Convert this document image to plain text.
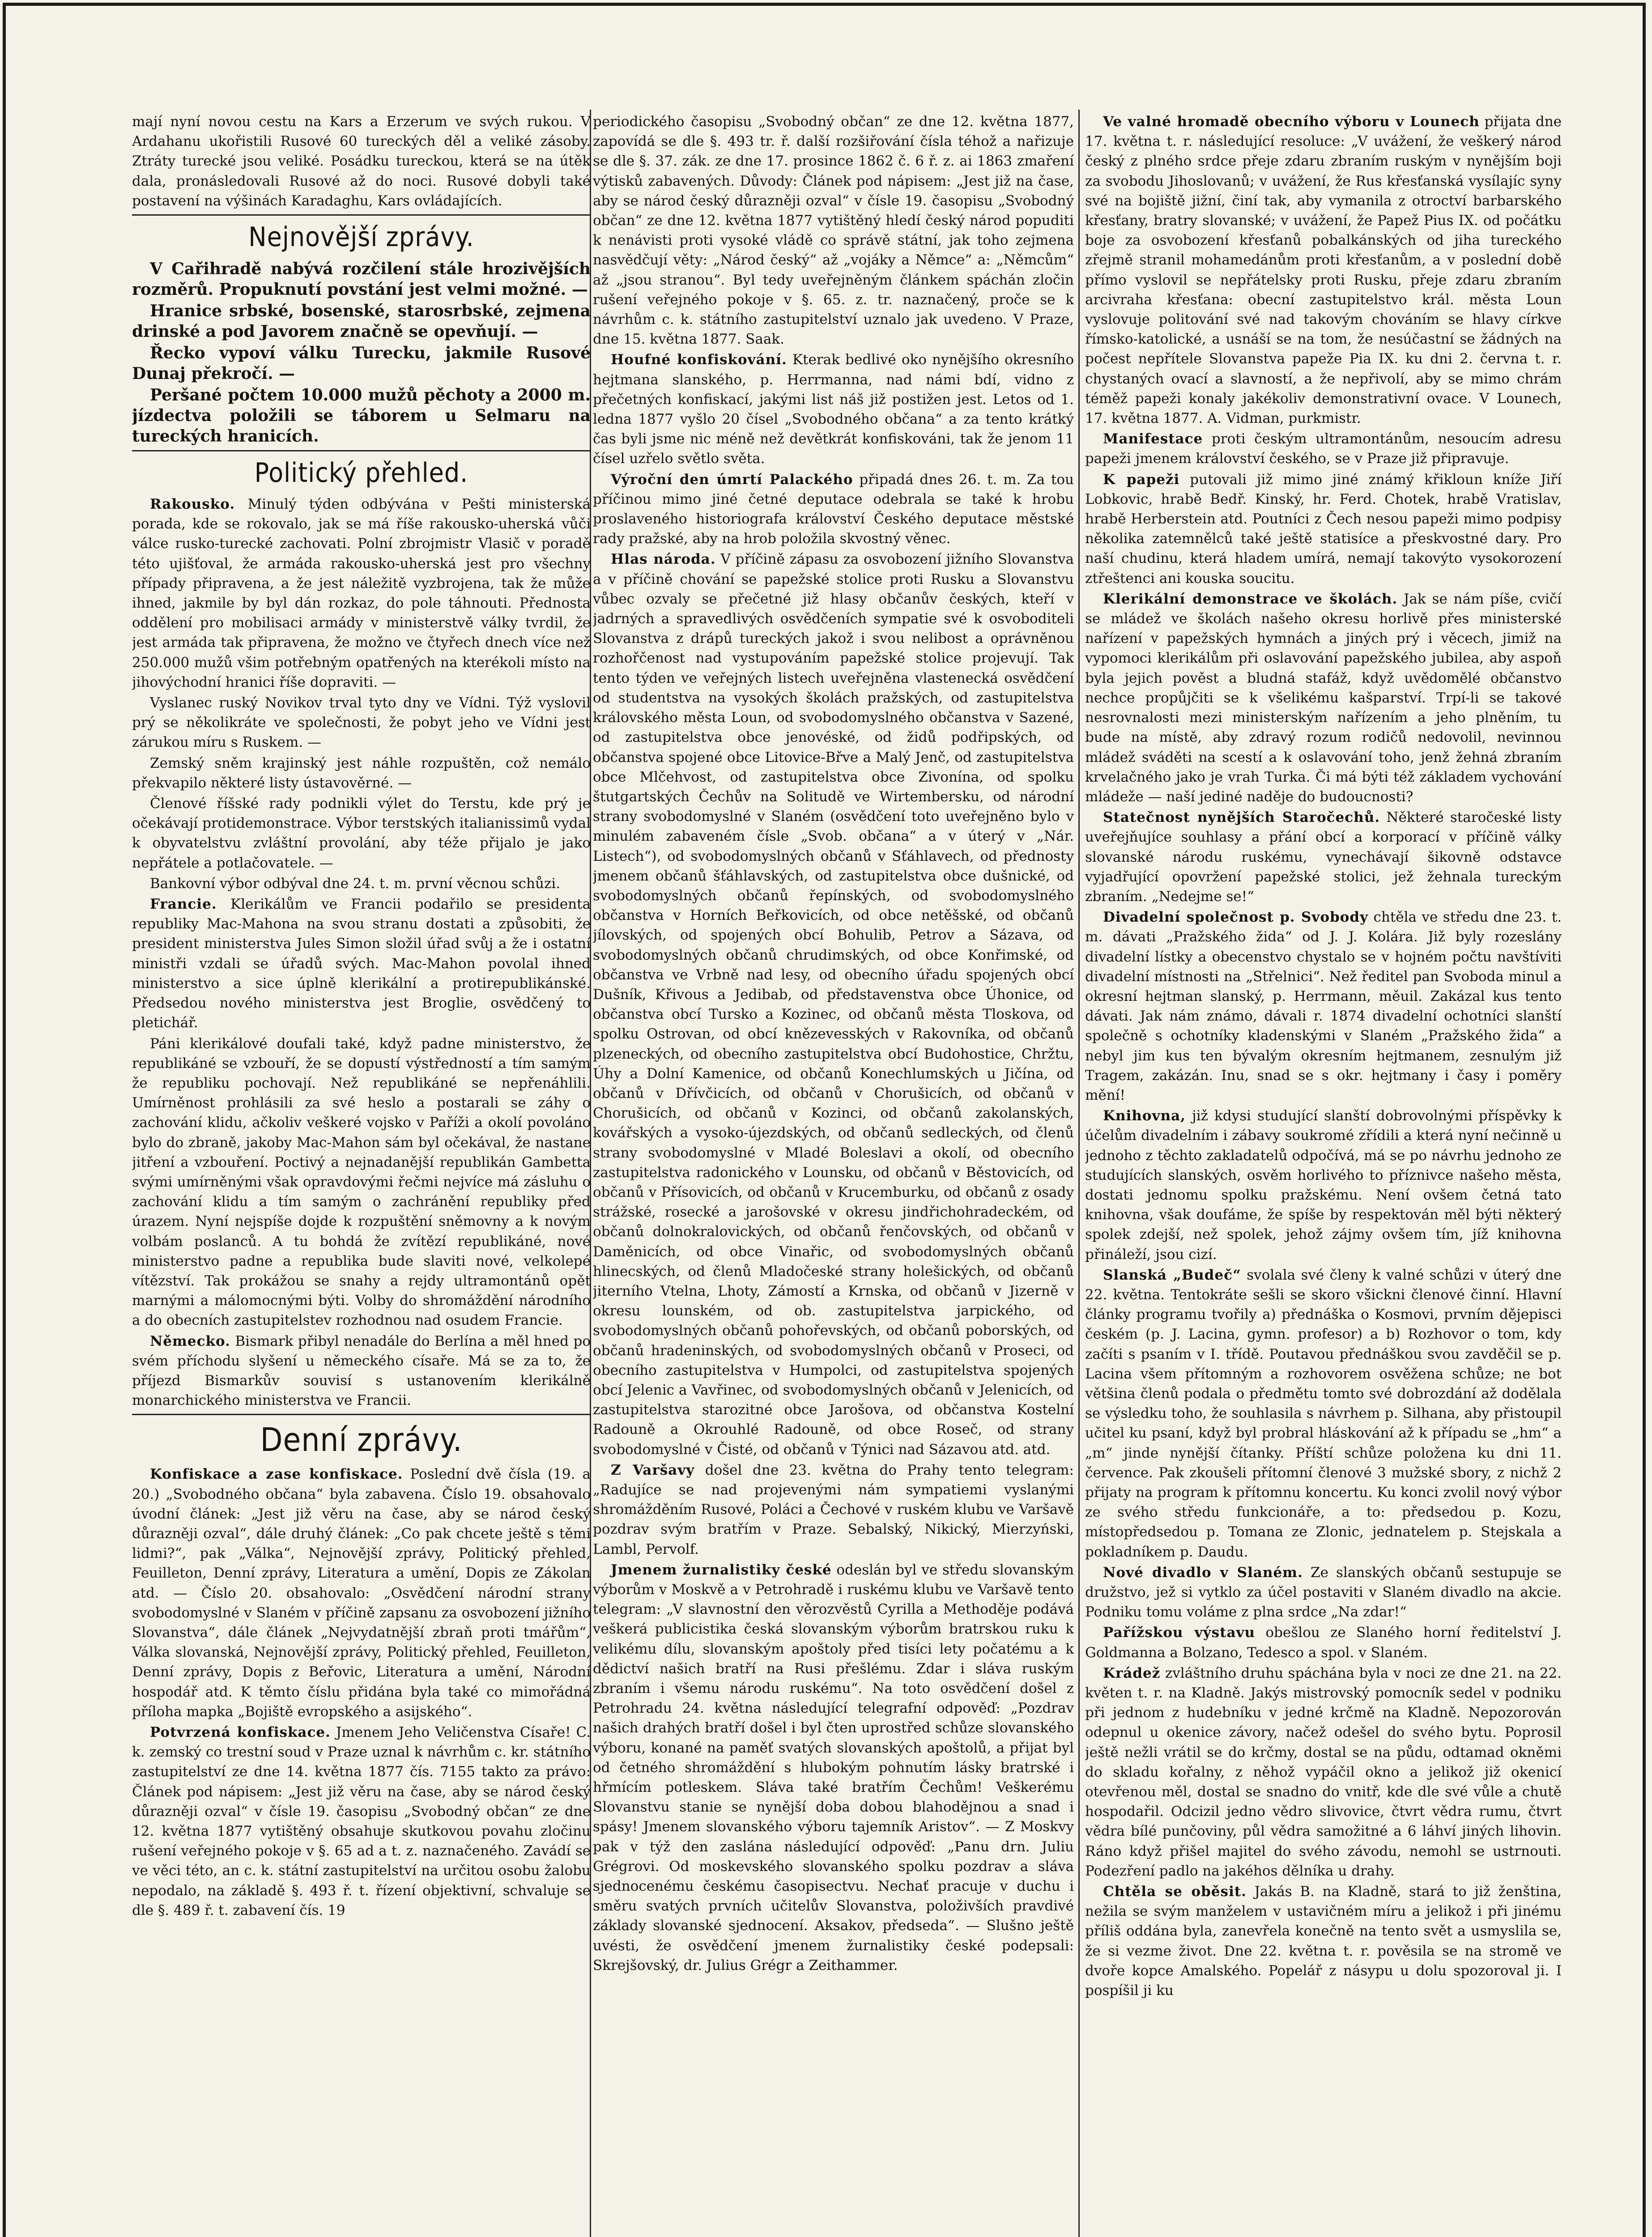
mají nyní novou cestu na Kars a Erzerum ve svých rukou. V Ardahanu ukořistili Rusové 60 tureckých děl a veliké zásoby. Ztráty turecké jsou veliké. Posádku tureckou, která se na útěk dala, pronásledovali Rusové až do noci. Rusové dobyli také postavení na výšinách Karadaghu, Kars ovládajících.

Nejnovější zprávy.

V Cařihradě nabývá rozčilení stále hrozivějších rozměrů. Propuknutí povstání jest velmi možné. —

Hranice srbské, bosenské, starosrbské, zejmena drinské a pod Javorem značně se opevňují. —

Řecko vypoví válku Turecku, jakmile Rusové Dunaj překročí. —

Peršané počtem 10.000 mužů pěchoty a 2000 m. jízdectva položili se táborem u Selmaru na tureckých hranicích.

Politický přehled.

Rakousko. Minulý týden odbývána v Pešti ministerská porada, kde se rokovalo, jak se má říše rakousko-uherská vůči válce rusko-turecké zachovati. Polní zbrojmistr Vlasič v poradě této ujišťoval, že armáda rakousko-uherská jest pro všechny případy připravena, a že jest náležitě vyzbrojena, tak že může ihned, jakmile by byl dán rozkaz, do pole táhnouti. Přednosta oddělení pro mobilisaci armády v ministerstvě války tvrdil, že jest armáda tak připravena, že možno ve čtyřech dnech více než 250.000 mužů všim potřebným opatřených na kterékoli místo na jihovýchodní hranici říše dopraviti. —

Vyslanec ruský Novikov trval tyto dny ve Vídni. Týž vyslovil prý se několikráte ve společnosti, že pobyt jeho ve Vídni jest zárukou míru s Ruskem. —

Zemský sněm krajinský jest náhle rozpuštěn, což nemálo překvapilo některé listy ústavověrné. —

Členové říšské rady podnikli výlet do Terstu, kde prý je očekávají protidemonstrace. Výbor terstských italianissimů vydal k obyvatelstvu zvláštní provolání, aby téže přijalo je jako nepřátele a potlačovatele. —

Bankovní výbor odbýval dne 24. t. m. první věcnou schůzi.

Francie. Klerikálům ve Francii podařilo se presidenta republiky Mac-Mahona na svou stranu dostati a způsobiti, že president ministerstva Jules Simon složil úřad svůj a že i ostatní ministři vzdali se úřadů svých. Mac-Mahon povolal ihned ministerstvo a sice úplně klerikální a protirepublikánské. Předsedou nového ministerstva jest Broglie, osvědčený to pletichář.

Páni klerikálové doufali také, když padne ministerstvo, že republikáné se vzbouří, že se dopustí výstředností a tím samým že republiku pochovají. Než republikáné se nepřenáhlili. Umírněnost prohlásili za své heslo a postarali se záhy o zachování klidu, ačkoliv veškeré vojsko v Paříži a okolí povoláno bylo do zbraně, jakoby Mac-Mahon sám byl očekával, že nastane jitření a vzbouření. Poctivý a nejnadanější republikán Gambetta svými umírněnými však opravdovými řečmi nejvíce má zásluhu o zachování klidu a tím samým o zachránění republiky před úrazem. Nyní nejspíše dojde k rozpuštění sněmovny a k novým volbám poslanců. A tu bohdá že zvítězí republikáné, nové ministerstvo padne a republika bude slaviti nové, velkolepé vítězství. Tak prokážou se snahy a rejdy ultramontánů opět marnými a málomocnými býti. Volby do shromáždění národního a do obecních zastupitelstev rozhodnou nad osudem Francie.

Německo. Bismark přibyl nenadále do Berlína a měl hned po svém příchodu slyšení u německého císaře. Má se za to, že příjezd Bismarkův souvisí s ustanovením klerikálně monarchického ministerstva ve Francii.

Denní zprávy.

Konfiskace a zase konfiskace. Poslední dvě čísla (19. a 20.) „Svobodného občana“ byla zabavena. Číslo 19. obsahovalo úvodní článek: „Jest již věru na čase, aby se národ český důrazněji ozval“, dále druhý článek: „Co pak chcete ještě s těmi lidmi?“, pak „Válka“, Nejnovější zprávy, Politický přehled, Feuilleton, Denní zprávy, Literatura a umění, Dopis ze Zákolan atd. — Číslo 20. obsahovalo: „Osvědčení národní strany svobodomyslné v Slaném v příčině zapsanu za osvobození jižního Slovanstva“, dále článek „Nejvydatnější zbraň proti tmářům“, Válka slovanská, Nejnovější zprávy, Politický přehled, Feuilleton, Denní zprávy, Dopis z Beřovic, Literatura a umění, Národní hospodář atd. K těmto číslu přidána byla také co mimořádná příloha mapka „Bojiště evropského a asijského“.

Potvrzená konfiskace. Jmenem Jeho Veličenstva Císaře! C. k. zemský co trestní soud v Praze uznal k návrhům c. kr. státního zastupitelství ze dne 14. května 1877 čís. 7155 takto za právo: Článek pod nápisem: „Jest již věru na čase, aby se národ český důrazněji ozval“ v čísle 19. časopisu „Svobodný občan“ ze dne 12. května 1877 vytištěný obsahuje skutkovou povahu zločinu rušení veřejného pokoje v §. 65 ad a t. z. naznačeného. Zavádí se ve věci této, an c. k. státní zastupitelství na určitou osobu žalobu nepodalo, na základě §. 493 ř. t. řízení objektivní, schvaluje se dle §. 489 ř. t. zabavení čís. 19

periodického časopisu „Svobodný občan“ ze dne 12. května 1877, zapovídá se dle §. 493 tr. ř. další rozšiřování čísla téhož a nařizuje se dle §. 37. zák. ze dne 17. prosince 1862 č. 6 ř. z. ai 1863 zmaření výtisků zabavených. Důvody: Článek pod nápisem: „Jest již na čase, aby se národ český důrazněji ozval“ v čísle 19. časopisu „Svobodný občan“ ze dne 12. května 1877 vytištěný hledí český národ popuditi k nenávisti proti vysoké vládě co správě státní, jak toho zejmena nasvědčují věty: „Národ český“ až „vojáky a Němce“ a: „Němcům“ až „jsou stranou“. Byl tedy uveřejněným článkem spáchán zločin rušení veřejného pokoje v §. 65. z. tr. naznačený, proče se k návrhům c. k. státního zastupitelství uznalo jak uvedeno. V Praze, dne 15. května 1877. Saak.

Houfné konfiskování. Kterak bedlivé oko nynějšího okresního hejtmana slanského, p. Herrmanna, nad námi bdí, vidno z přečetných konfiskací, jakými list náš již postižen jest. Letos od 1. ledna 1877 vyšlo 20 čísel „Svobodného občana“ a za tento krátký čas byli jsme nic méně než devětkrát konfiskováni, tak že jenom 11 čísel uzřelo světlo světa.

Výroční den úmrtí Palackého připadá dnes 26. t. m. Za tou příčinou mimo jiné četné deputace odebrala se také k hrobu proslaveného historiografa království Českého deputace městské rady pražské, aby na hrob položila skvostný věnec.

Hlas národa. V příčině zápasu za osvobození jižního Slovanstva a v příčině chování se papežské stolice proti Rusku a Slovanstvu vůbec ozvaly se přečetné již hlasy občanův českých, kteří v jadrných a spravedlivých osvědčeních sympatie své k osvoboditeli Slovanstva z drápů tureckých jakož i svou nelibost a oprávněnou rozhořčenost nad vystupováním papežské stolice projevují. Tak tento týden ve veřejných listech uveřejněna vlastenecká osvědčení od studentstva na vysokých školách pražských, od zastupitelstva královského města Loun, od svobodomyslného občanstva v Sazené, od zastupitelstva obce jenovéské, od židů podřipských, od občanstva spojené obce Litovice-Břve a Malý Jenč, od zastupitelstva obce Mlčehvost, od zastupitelstva obce Zivonína, od spolku štutgartských Čechův na Solitudě ve Wirtembersku, od národní strany svobodomyslné v Slaném (osvědčení toto uveřejněno bylo v minulém zabaveném čísle „Svob. občana“ a v úterý v „Nár. Listech“), od svobodomyslných občanů v Sťáhlavech, od přednosty jmenem občanů šťáhlavských, od zastupitelstva obce dušnické, od svobodomyslných občanů řepínských, od svobodomyslného občanstva v Horních Beřkovicích, od obce netěšské, od občanů jílovských, od spojených obcí Bohulib, Petrov a Sázava, od svobodomyslných občanů chrudimských, od obce Konřimské, od občanstva ve Vrbně nad lesy, od obecního úřadu spojených obcí Dušník, Křivous a Jedibab, od představenstva obce Úhonice, od občanstva obcí Tursko a Kozinec, od občanů města Tloskova, od spolku Ostrovan, od obcí knězevesských v Rakovníka, od občanů plzeneckých, od obecního zastupitelstva obcí Budohostice, Chržtu, Úhy a Dolní Kamenice, od občanů Konechlumských u Jičína, od občanů v Dřívčicích, od občanů v Chorušicích, od občanů v Chorušicích, od občanů v Kozinci, od občanů zakolanských, kovářských a vysoko-újezdských, od občanů sedleckých, od členů strany svobodomyslné v Mladé Boleslavi a okolí, od obecního zastupitelstva radonického v Lounsku, od občanů v Běstovicích, od občanů v Přísovicích, od občanů v Krucemburku, od občanů z osady strážské, rosecké a jarošovské v okresu jindřichohradeckém, od občanů dolnokralovických, od občanů řenčovských, od občanů v Daměnicích, od obce Vinařic, od svobodomyslných občanů hlinecských, od členů Mladočeské strany holešických, od občanů jiterního Vtelna, Lhoty, Zámostí a Krnska, od občanů v Jizerně v okresu lounském, od ob. zastupitelstva jarpického, od svobodomyslných občanů pohořevských, od občanů poborských, od občanů hradeninských, od svobodomyslných občanů v Proseci, od obecního zastupitelstva v Humpolci, od zastupitelstva spojených obcí Jelenic a Vavřinec, od svobodomyslných občanů v Jelenicích, od zastupitelstva starozitné obce Jarošova, od občanstva Kostelní Radouně a Okrouhlé Radouně, od obce Roseč, od strany svobodomyslné v Čisté, od občanů v Týnici nad Sázavou atd. atd.

Z Varšavy došel dne 23. května do Prahy tento telegram: „Radujíce se nad projevenými nám sympatiemi vyslanými shromážděním Rusové, Poláci a Čechové v ruském klubu ve Varšavě pozdrav svým bratřím v Praze. Sebalský, Nikický, Mierzyński, Lambl, Pervolf.

Jmenem žurnalistiky české odeslán byl ve středu slovanským výborům v Moskvě a v Petrohradě i ruskému klubu ve Varšavě tento telegram: „V slavnostní den věrozvěstů Cyrilla a Methoděje podává veškerá publicistika česká slovanským výborům bratrskou ruku k velikému dílu, slovanským apoštoly před tisíci lety počatému a k dědictví našich bratří na Rusi přešlému. Zdar i sláva ruským zbraním i všemu národu ruskému“. Na toto osvědčení došel z Petrohradu 24. května následující telegrafní odpověď: „Pozdrav našich drahých bratří došel i byl čten uprostřed schůze slovanského výboru, konané na paměť svatých slovanských apoštolů, a přijat byl od četného shromáždění s hlubokým pohnutím lásky bratrské i hřmícím potleskem. Sláva také bratřím Čechům! Veškerému Slovanstvu stanie se nynější doba dobou blahodějnou a snad i spásy! Jmenem slovanského výboru tajemník Aristov“. — Z Moskvy pak v týž den zaslána následující odpověď: „Panu drn. Juliu Grégrovi. Od moskevského slovanského spolku pozdrav a sláva sjednocenému českému časopisectvu. Nechať pracuje v duchu i směru svatých prvních učitelův Slovanstva, položivších pravdivé základy slovanské sjednocení. Aksakov, předseda“. — Slušno ještě uvésti, že osvědčení jmenem žurnalistiky české podepsali: Skrejšovský, dr. Julius Grégr a Zeithammer.

Ve valné hromadě obecního výboru v Lounech přijata dne 17. května t. r. následující resoluce: „V uvážení, že veškerý národ český z plného srdce přeje zdaru zbraním ruským v nynějším boji za svobodu Jihoslovanů; v uvážení, že Rus křesťanská vysílajíc syny své na bojiště jižní, činí tak, aby vymanila z otroctví barbarského křesťany, bratry slovanské; v uvážení, že Papež Pius IX. od počátku boje za osvobození křesťanů pobalkánských od jiha tureckého zřejmě stranil mohamedánům proti křesťanům, a v poslední době přímo vyslovil se nepřátelsky proti Rusku, přeje zdaru zbraním arcivraha křesťana: obecní zastupitelstvo král. města Loun vyslovuje politování své nad takovým chováním se hlavy církve římsko-katolické, a usnáší se na tom, že nesúčastní se žádných na počest nepřítele Slovanstva papeže Pia IX. ku dni 2. června t. r. chystaných ovací a slavností, a že nepřivolí, aby se mimo chrám téměž papeži konaly jakékoliv demonstrativní ovace. V Lounech, 17. května 1877. A. Vidman, purkmistr.

Manifestace proti českým ultramontánům, nesoucím adresu papeži jmenem království českého, se v Praze již připravuje.

K papeži putovali již mimo jiné známý křikloun kníže Jiří Lobkovic, hrabě Bedř. Kinský, hr. Ferd. Chotek, hrabě Vratislav, hrabě Herberstein atd. Poutníci z Čech nesou papeži mimo podpisy několika zatemnělců také ještě statisíce a přeskvostné dary. Pro naší chudinu, která hladem umírá, nemají takovýto vysokorození ztřeštenci ani kouska soucitu.

Klerikální demonstrace ve školách. Jak se nám píše, cvičí se mládež ve školách našeho okresu horlivě přes ministerské nařízení v papežských hymnách a jiných prý i věcech, jimiž na vypomoci klerikálům při oslavování papežského jubilea, aby aspoň byla jejich pověst a bludná stafáž, když uvědomělé občanstvo nechce propůjčiti se k všelikému kašparství. Trpí-li se takové nesrovnalosti mezi ministerským nařízením a jeho plněním, tu bude na místě, aby zdravý rozum rodičů nedovolil, nevinnou mládež sváděti na scestí a k oslavování toho, jenž žehná zbraním krvelačného jako je vrah Turka. Či má býti též základem vychování mládeže — naší jediné naděje do budoucnosti?

Statečnost nynějších Staročechů. Některé staročeské listy uveřejňujíce souhlasy a přání obcí a korporací v příčině války slovanské národu ruskému, vynechávají šikovně odstavce vyjadřující opovržení papežské stolici, jež žehnala tureckým zbraním. „Nedejme se!“

Divadelní společnost p. Svobody chtěla ve středu dne 23. t. m. dávati „Pražského žida“ od J. J. Kolára. Již byly rozeslány divadelní lístky a obecenstvo chystalo se v hojném počtu navštíviti divadelní místnosti na „Střelnici“. Než ředitel pan Svoboda minul a okresní hejtman slanský, p. Herrmann, měuil. Zakázal kus tento dávati. Jak nám známo, dávali r. 1874 divadelní ochotníci slanští společně s ochotníky kladenskými v Slaném „Pražského žida“ a nebyl jim kus ten bývalým okresním hejtmanem, zesnulým již Tragem, zakázán. Inu, snad se s okr. hejtmany i časy i poměry mění!

Knihovna, již kdysi studující slanští dobrovolnými příspěvky k účelům divadelním i zábavy soukromé zřídili a která nyní nečinně u jednoho z těchto zakladatelů odpočívá, má se po návrhu jednoho ze studujících slanských, osvěm horlivého to příznivce našeho města, dostati jednomu spolku pražskému. Není ovšem četná tato knihovna, však doufáme, že spíše by respektován měl býti některý spolek zdejší, než spolek, jehož zájmy ovšem tím, jíž knihovna přináleží, jsou cizí.

Slanská „Budeč“ svolala své členy k valné schůzi v úterý dne 22. května. Tentokráte sešli se skoro všickni členové činní. Hlavní články programu tvořily a) přednáška o Kosmovi, prvním dějepisci českém (p. J. Lacina, gymn. profesor) a b) Rozhovor o tom, kdy začíti s psaním v I. třídě. Poutavou přednáškou svou zavděčil se p. Lacina všem přítomným a rozhovorem osvěžena schůze; ne bot většina členů podala o předmětu tomto své dobrozdání až dodělala se výsledku toho, že souhlasila s návrhem p. Silhana, aby přistoupil učitel ku psaní, když byl probral hláskování až k případu se „hm“ a „m“ jinde nynější čítanky. Příští schůze položena ku dni 11. července. Pak zkoušeli přítomní členové 3 mužské sbory, z nichž 2 přijaty na program k přítomnu koncertu. Ku konci zvolil nový výbor ze svého středu funkcionáře, a to: předsedou p. Kozu, místopředsedou p. Tomana ze Zlonic, jednatelem p. Stejskala a pokladníkem p. Daudu.

Nové divadlo v Slaném. Ze slanských občanů sestupuje se družstvo, jež si vytklo za účel postaviti v Slaném divadlo na akcie. Podniku tomu voláme z plna srdce „Na zdar!“

Pařížskou výstavu obešlou ze Slaného horní ředitelství J. Goldmanna a Bolzano, Tedesco a spol. v Slaném.

Krádež zvláštního druhu spáchána byla v noci ze dne 21. na 22. květen t. r. na Kladně. Jakýs mistrovský pomocník sedel v podniku při jednom z hudebníku v jedné krčmě na Kladně. Nepozorován odepnul u okenice závory, načež odešel do svého bytu. Poprosil ještě nežli vrátil se do krčmy, dostal se na půdu, odtamad okněmi do skladu kořalny, z něhož vypáčil okno a jelikož již okenicí otevřenou měl, dostal se snadno do vnitř, kde dle své vůle a chutě hospodařil. Odcizil jedno vědro slivovice, čtvrt vědra rumu, čtvrt vědra bílé punčoviny, půl vědra samožitné a 6 láhví jiných lihovin. Ráno když přišel majitel do svého závodu, nemohl se ustrnouti. Podezření padlo na jakéhos dělníka u drahy.

Chtěla se oběsit. Jakás B. na Kladně, stará to již ženština, nežila se svým manželem v ustavičném míru a jelikož i při jinému příliš oddána byla, zanevřela konečně na tento svět a usmyslila se, že si vezme život. Dne 22. května t. r. pověsila se na stromě ve dvoře kopce Amalského. Popelář z násypu u dolu spozoroval ji. I pospíšil ji ku
